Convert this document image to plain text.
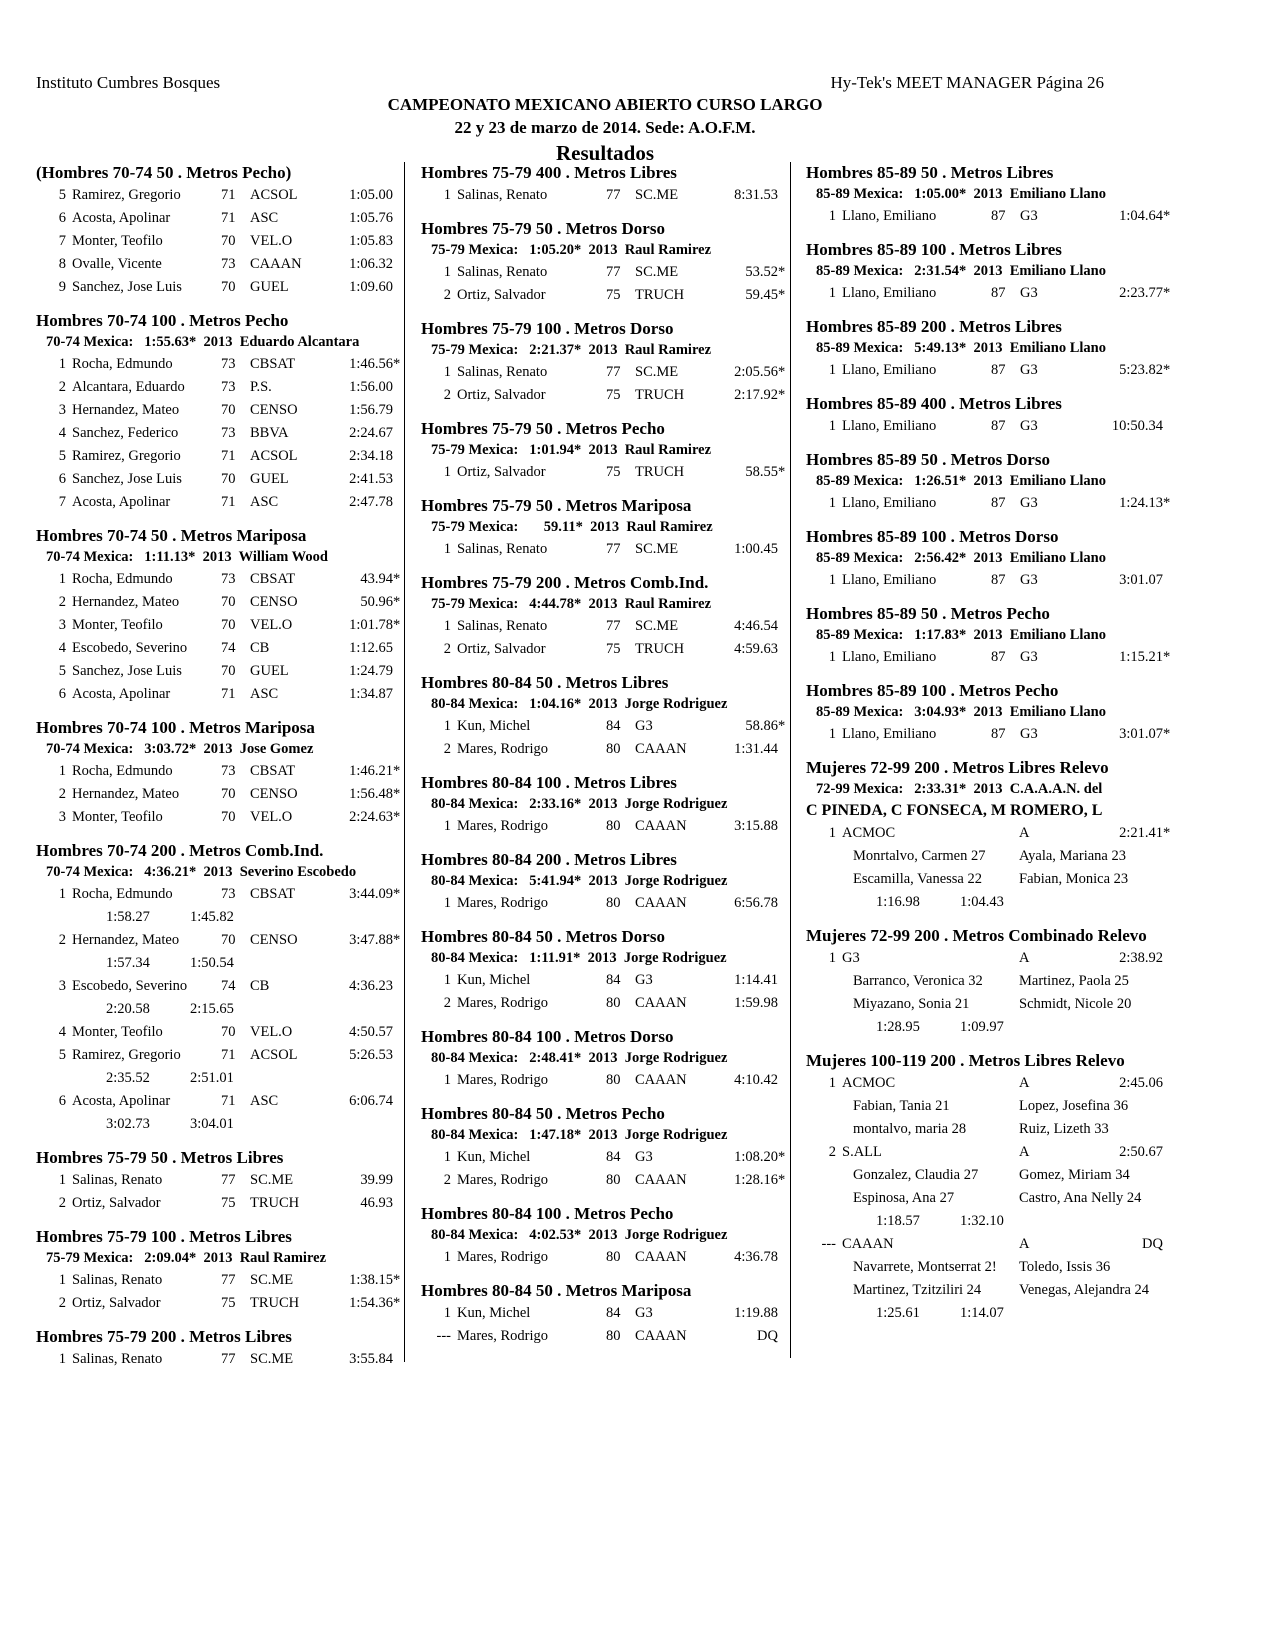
Instituto Cumbres Bosques	Hy-Tek's MEET MANAGER Página 26
CAMPEONATO MEXICANO ABIERTO CURSO LARGO
22 y 23 de marzo de 2014. Sede: A.O.F.M.
Resultados
(Hombres 70-74 50 . Metros Pecho)
5 Ramirez, Gregorio	71 ACSOL	1:05.00
6 Acosta, Apolinar	71 ASC	1:05.76
7 Monter, Teofilo	70 VEL.O	1:05.83
8 Ovalle, Vicente	73 CAAAN	1:06.32
9 Sanchez, Jose Luis	70 GUEL	1:09.60
Hombres 70-74 100 . Metros Pecho
70-74 Mexica:   1:55.63*  2013  Eduardo Alcantara
1 Rocha, Edmundo	73 CBSAT	1:46.56 *
2 Alcantara, Eduardo	73 P.S.	1:56.00
3 Hernandez, Mateo	70 CENSO	1:56.79
4 Sanchez, Federico	73 BBVA	2:24.67
5 Ramirez, Gregorio	71 ACSOL	2:34.18
6 Sanchez, Jose Luis	70 GUEL	2:41.53
7 Acosta, Apolinar	71 ASC	2:47.78
Hombres 70-74 50 . Metros Mariposa
70-74 Mexica:   1:11.13*  2013  William Wood
1 Rocha, Edmundo	73 CBSAT	43.94 *
2 Hernandez, Mateo	70 CENSO	50.96 *
3 Monter, Teofilo	70 VEL.O	1:01.78 *
4 Escobedo, Severino 74 CB	1:12.65
5 Sanchez, Jose Luis	70 GUEL	1:24.79
6 Acosta, Apolinar	71 ASC	1:34.87
Hombres 70-74 100 . Metros Mariposa
70-74 Mexica:   3:03.72*  2013  Jose Gomez
1 Rocha, Edmundo	73 CBSAT	1:46.21 *
2 Hernandez, Mateo	70 CENSO	1:56.48 *
3 Monter, Teofilo	70 VEL.O	2:24.63 *
Hombres 70-74 200 . Metros Comb.Ind.
70-74 Mexica:   4:36.21*  2013  Severino Escobedo
1 Rocha, Edmundo	73 CBSAT	3:44.09 *
1:58.27	1:45.82
2 Hernandez, Mateo	70 CENSO	3:47.88 *
1:57.34	1:50.54
3 Escobedo, Severino 74 CB	4:36.23
2:20.58	2:15.65
4 Monter, Teofilo	70 VEL.O	4:50.57
5 Ramirez, Gregorio	71 ACSOL	5:26.53
2:35.52	2:51.01
6 Acosta, Apolinar	71 ASC	6:06.74
3:02.73	3:04.01
Hombres 75-79 50 . Metros Libres
1 Salinas, Renato	77 SC.ME	39.99
2 Ortiz, Salvador	75 TRUCH	46.93
Hombres 75-79 100 . Metros Libres
75-79 Mexica:   2:09.04*  2013  Raul Ramirez
1 Salinas, Renato	77 SC.ME	1:38.15 *
2 Ortiz, Salvador	75 TRUCH	1:54.36 *
Hombres 75-79 200 . Metros Libres
1 Salinas, Renato	77 SC.ME	3:55.84
Hombres 75-79 400 . Metros Libres
1 Salinas, Renato	77 SC.ME	8:31.53
Hombres 75-79 50 . Metros Dorso
75-79 Mexica:   1:05.20*  2013  Raul Ramirez
1 Salinas, Renato	77 SC.ME	53.52 *
2 Ortiz, Salvador	75 TRUCH	59.45 *
Hombres 75-79 100 . Metros Dorso
75-79 Mexica:   2:21.37*  2013  Raul Ramirez
1 Salinas, Renato	77 SC.ME	2:05.56 *
2 Ortiz, Salvador	75 TRUCH	2:17.92 *
Hombres 75-79 50 . Metros Pecho
75-79 Mexica:   1:01.94*  2013  Raul Ramirez
1 Ortiz, Salvador	75 TRUCH	58.55 *
Hombres 75-79 50 . Metros Mariposa
75-79 Mexica:       59.11*  2013  Raul Ramirez
1 Salinas, Renato	77 SC.ME	1:00.45
Hombres 75-79 200 . Metros Comb.Ind.
75-79 Mexica:   4:44.78*  2013  Raul Ramirez
1 Salinas, Renato	77 SC.ME	4:46.54
2 Ortiz, Salvador	75 TRUCH	4:59.63
Hombres 80-84 50 . Metros Libres
80-84 Mexica:   1:04.16*  2013  Jorge Rodriguez
1 Kun, Michel	84 G3	58.86 *
2 Mares, Rodrigo	80 CAAAN	1:31.44
Hombres 80-84 100 . Metros Libres
80-84 Mexica:   2:33.16*  2013  Jorge Rodriguez
1 Mares, Rodrigo	80 CAAAN	3:15.88
Hombres 80-84 200 . Metros Libres
80-84 Mexica:   5:41.94*  2013  Jorge Rodriguez
1 Mares, Rodrigo	80 CAAAN	6:56.78
Hombres 80-84 50 . Metros Dorso
80-84 Mexica:   1:11.91*  2013  Jorge Rodriguez
1 Kun, Michel	84 G3	1:14.41
2 Mares, Rodrigo	80 CAAAN	1:59.98
Hombres 80-84 100 . Metros Dorso
80-84 Mexica:   2:48.41*  2013  Jorge Rodriguez
1 Mares, Rodrigo	80 CAAAN	4:10.42
Hombres 80-84 50 . Metros Pecho
80-84 Mexica:   1:47.18*  2013  Jorge Rodriguez
1 Kun, Michel	84 G3	1:08.20 *
2 Mares, Rodrigo	80 CAAAN	1:28.16 *
Hombres 80-84 100 . Metros Pecho
80-84 Mexica:   4:02.53*  2013  Jorge Rodriguez
1 Mares, Rodrigo	80 CAAAN	4:36.78
Hombres 80-84 50 . Metros Mariposa
1 Kun, Michel	84 G3	1:19.88
--- Mares, Rodrigo	80 CAAAN	DQ
Hombres 85-89 50 . Metros Libres
85-89 Mexica:   1:05.00*  2013  Emiliano Llano
1 Llano, Emiliano	87 G3	1:04.64 *
Hombres 85-89 100 . Metros Libres
85-89 Mexica:   2:31.54*  2013  Emiliano Llano
1 Llano, Emiliano	87 G3	2:23.77 *
Hombres 85-89 200 . Metros Libres
85-89 Mexica:   5:49.13*  2013  Emiliano Llano
1 Llano, Emiliano	87 G3	5:23.82 *
Hombres 85-89 400 . Metros Libres
1 Llano, Emiliano	87 G3	10:50.34
Hombres 85-89 50 . Metros Dorso
85-89 Mexica:   1:26.51*  2013  Emiliano Llano
1 Llano, Emiliano	87 G3	1:24.13 *
Hombres 85-89 100 . Metros Dorso
85-89 Mexica:   2:56.42*  2013  Emiliano Llano
1 Llano, Emiliano	87 G3	3:01.07
Hombres 85-89 50 . Metros Pecho
85-89 Mexica:   1:17.83*  2013  Emiliano Llano
1 Llano, Emiliano	87 G3	1:15.21 *
Hombres 85-89 100 . Metros Pecho
85-89 Mexica:   3:04.93*  2013  Emiliano Llano
1 Llano, Emiliano	87 G3	3:01.07 *
Mujeres 72-99 200 . Metros Libres Relevo
72-99 Mexica:   2:33.31*  2013  C.A.A.A.N. del
C PINEDA, C FONSECA, M ROMERO, L
1 ACMOC	A	2:21.41 *
Monrtalvo, Carmen 27 Ayala, Mariana 23
Escamilla, Vanessa 22	Fabian, Monica 23
1:16.98	1:04.43
Mujeres 72-99 200 . Metros Combinado Relevo
1 G3	A	2:38.92
Barranco, Veronica 32 Martinez, Paola 25
Miyazano, Sonia 21	Schmidt, Nicole 20
1:28.95	1:09.97
Mujeres 100-119 200 . Metros Libres Relevo
1 ACMOC	A	2:45.06
Fabian, Tania 21	Lopez, Josefina 36
montalvo, maria 28	Ruiz, Lizeth 33
2 S.ALL	A	2:50.67
Gonzalez, Claudia 27	Gomez, Miriam 34
Espinosa, Ana 27	Castro, Ana Nelly 24
1:18.57	1:32.10
--- CAAAN	A	DQ
Navarrete, Montserrat 2! Toledo, Issis 36
Martinez, Tzitziliri 24	Venegas, Alejandra 24
1:25.61	1:14.07
